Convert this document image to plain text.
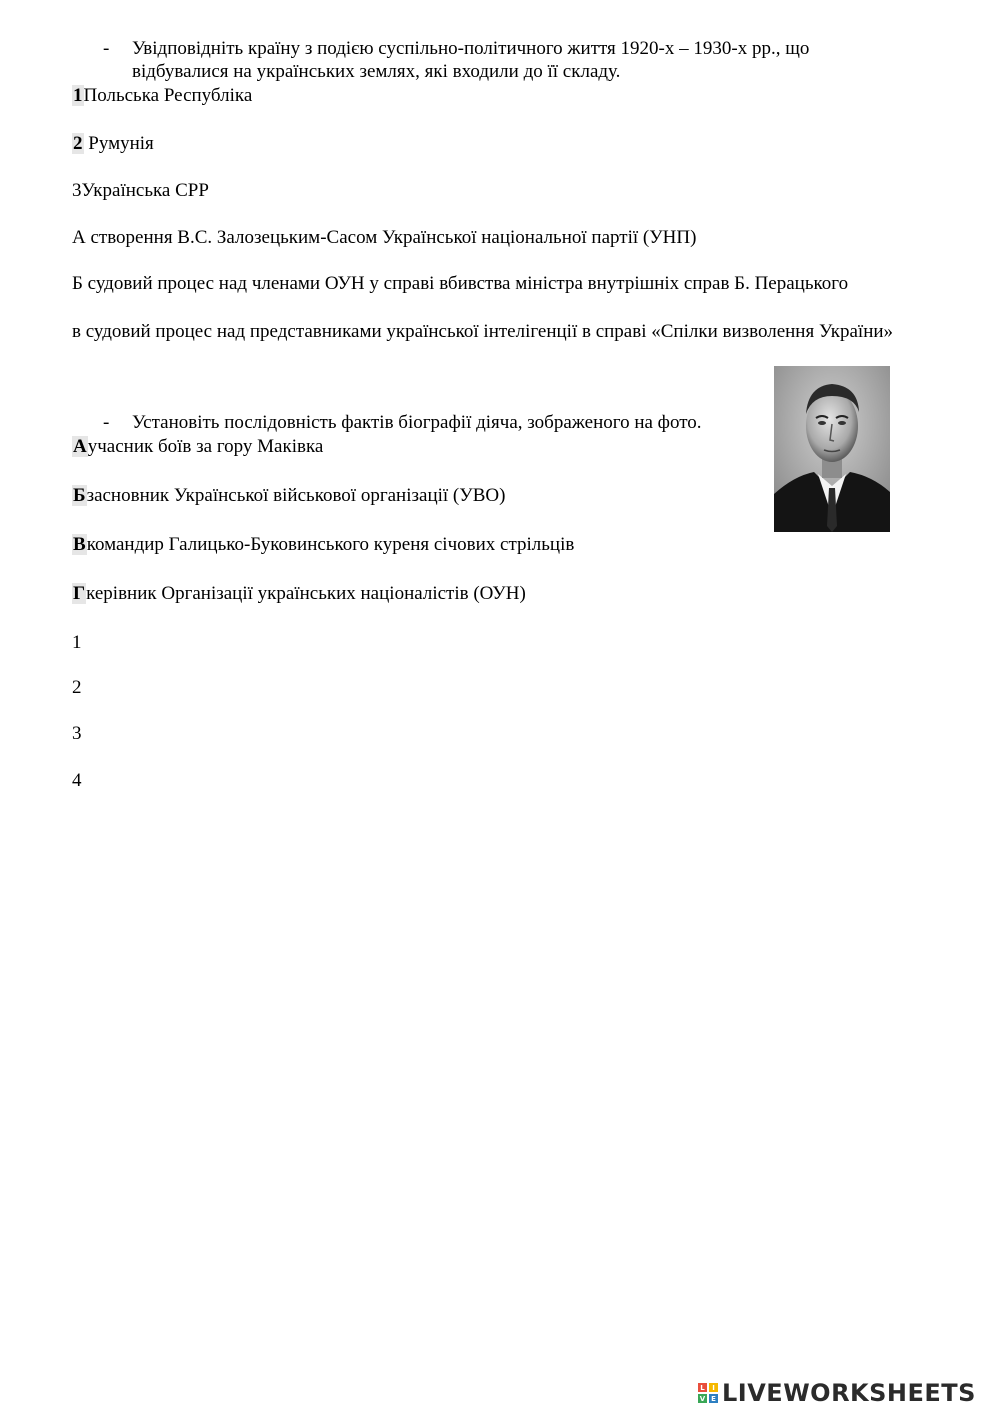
- Увідповідніть країну з подією суспільно-політичного життя 1920-х – 1930-х рр., що відбувалися на українських землях, які входили до її складу.
1Польська Республіка
2 Румунія
3Українська СРР
А створення В.С. Залозецьким-Сасом Української національної партії (УНП)
Б судовий процес над членами ОУН у справі вбивства міністра внутрішніх справ Б. Перацького
в судовий процес над представниками української інтелігенції в справі «Спілки визволення України»
- Установіть послідовність фактів біографії діяча, зображеного на фото.
Аучасник боїв за гору Маківка
Бзасновник Української військової організації (УВО)
Вкомандир Галицько-Буковинського куреня січових стрільців
Гкерівник Організації українських націоналістів (ОУН)
1
2
3
4
L	I
V E LIVEWORKSHEETS
